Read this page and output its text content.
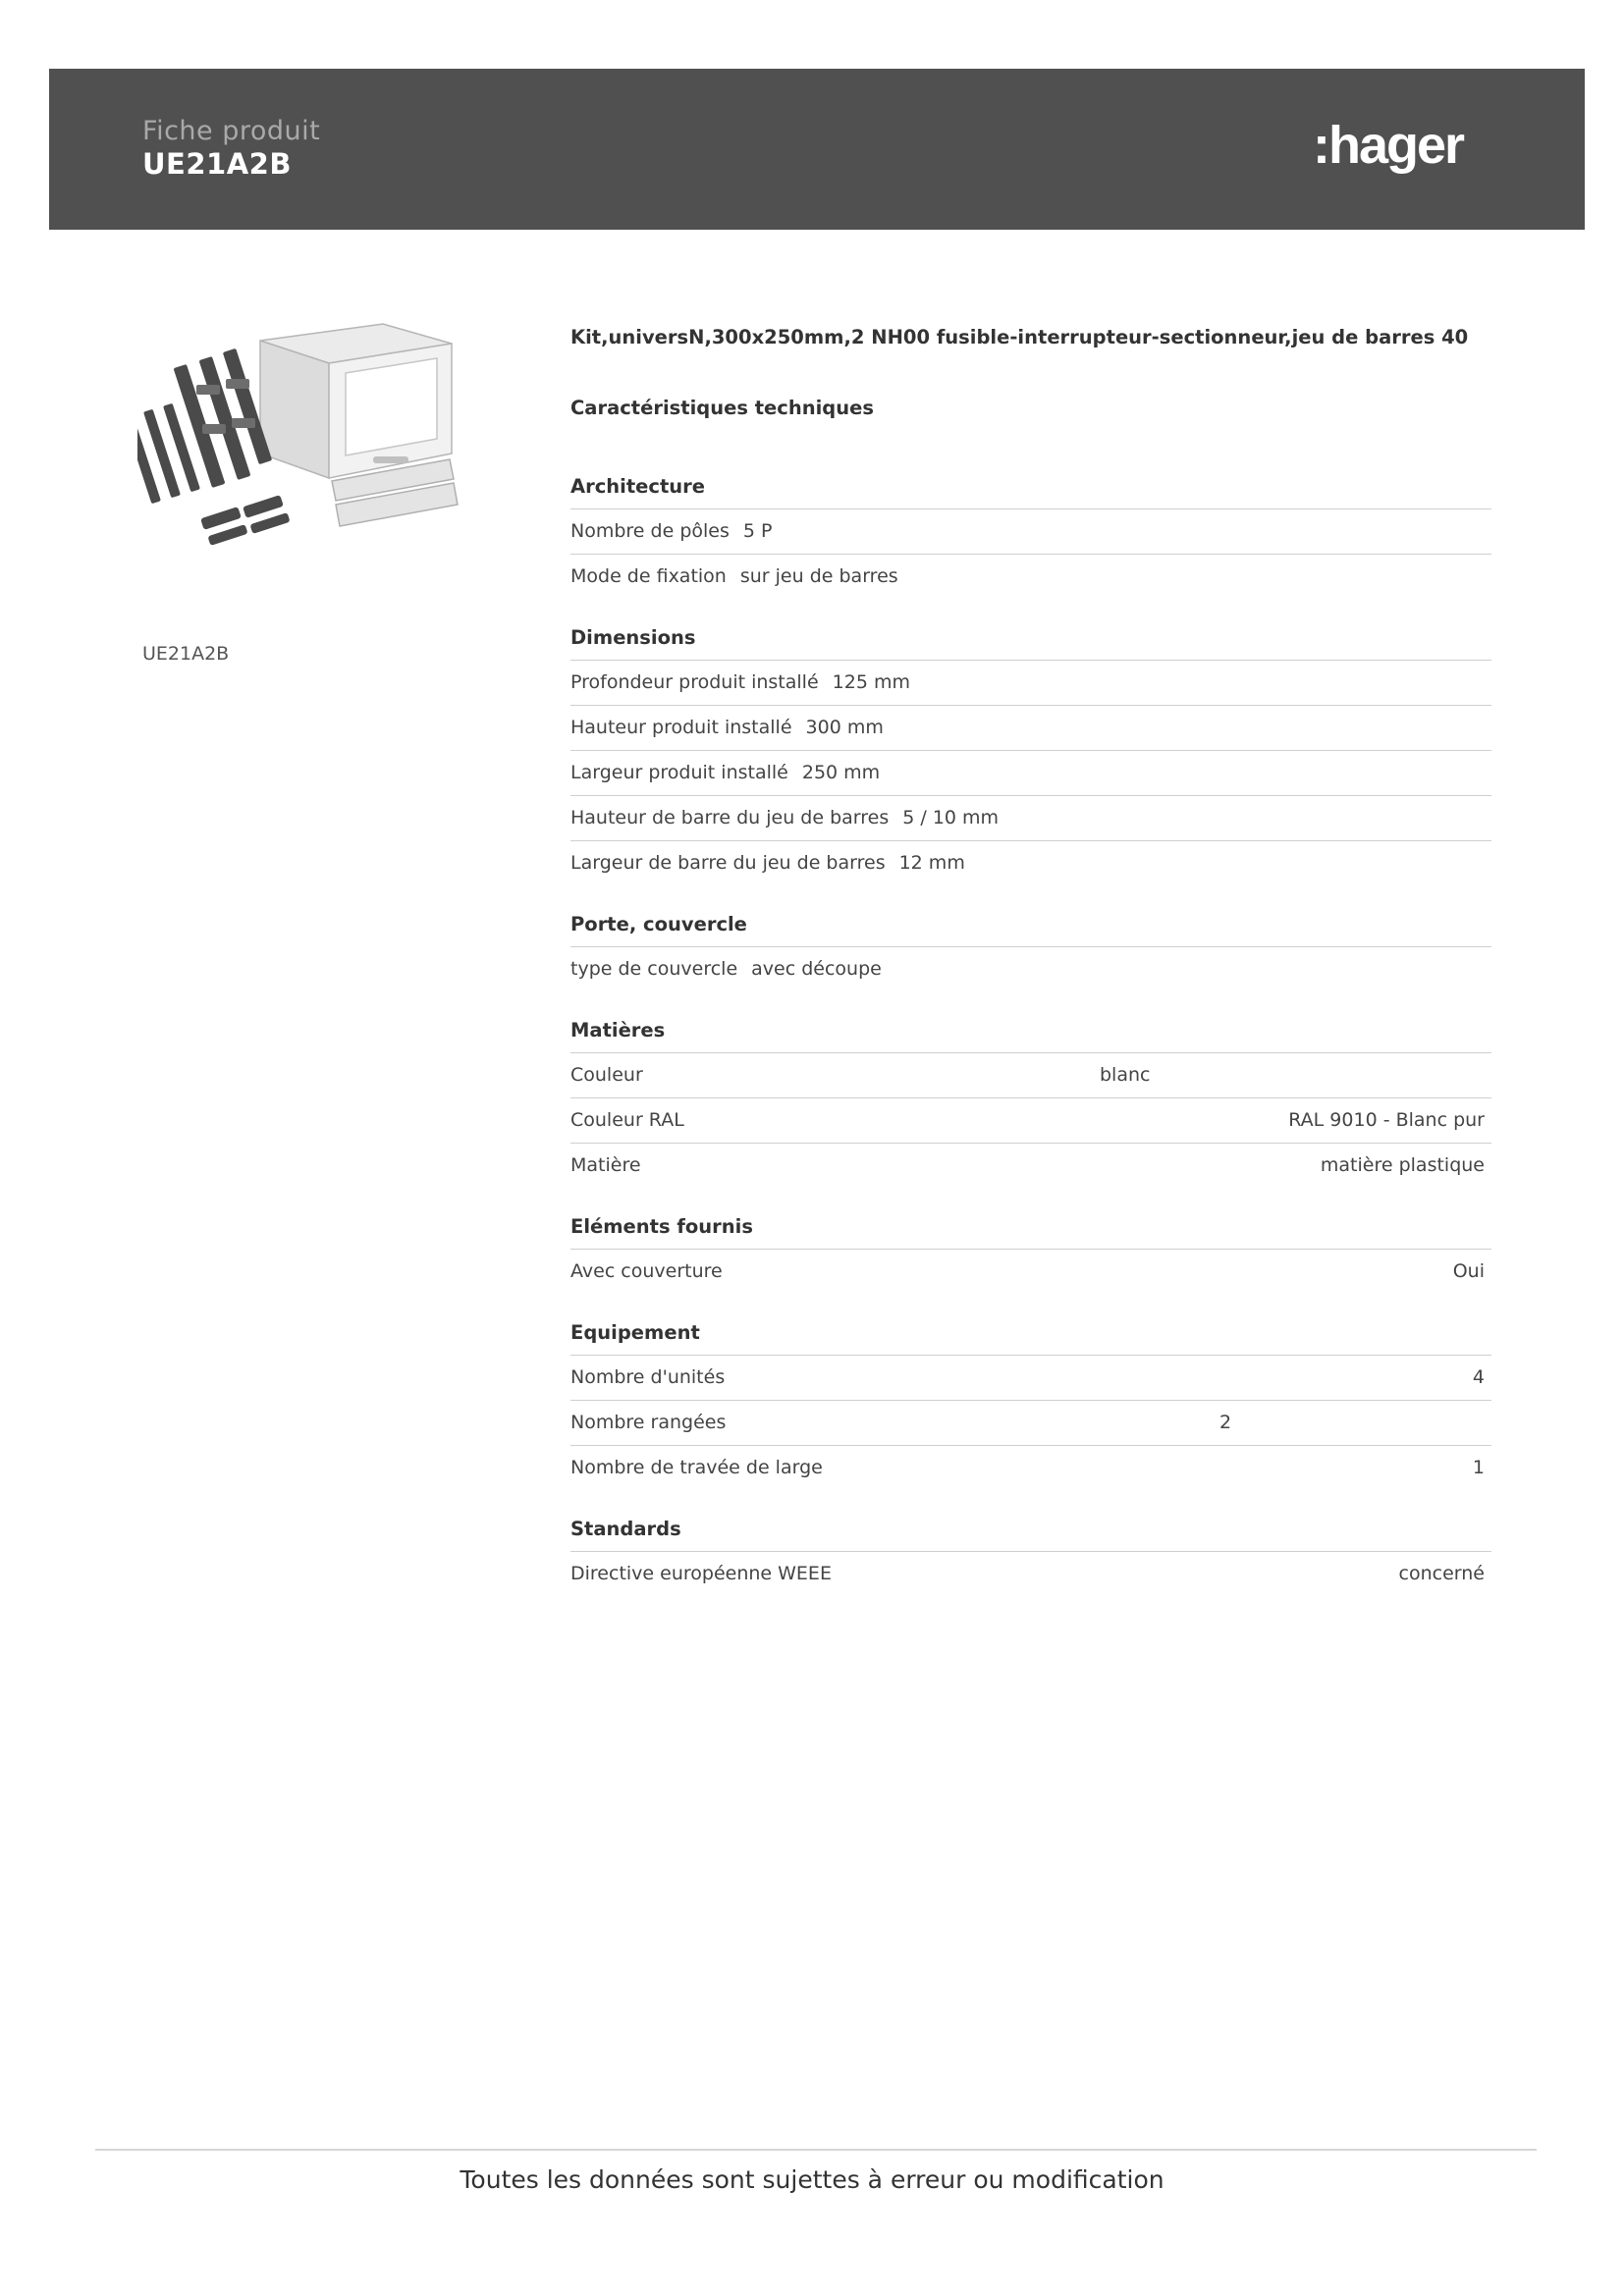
Fiche produit
UE21A2B	:hager
UE21A2B
Kit,universN,300x250mm,2 NH00 fusible-interrupteur-sectionneur,jeu de barres 40
Caractéristiques techniques
Architecture
Nombre de pôles 5 P
Mode de fixation sur jeu de barres
Dimensions
Profondeur produit installé 125 mm
Hauteur produit installé 300 mm
Largeur produit installé 250 mm
Hauteur de barre du jeu de barres 5 / 10 mm
Largeur de barre du jeu de barres 12 mm
Porte, couvercle
type de couvercle avec découpe
Matières
Couleur	blanc
Couleur RAL	RAL 9010 - Blanc pur
Matière	matière plastique
Eléments fournis
Avec couverture	Oui
Equipement
Nombre d'unités	4
Nombre rangées	2
Nombre de travée de large	1
Standards
Directive européenne WEEE	concerné
Toutes les données sont sujettes à erreur ou modification
